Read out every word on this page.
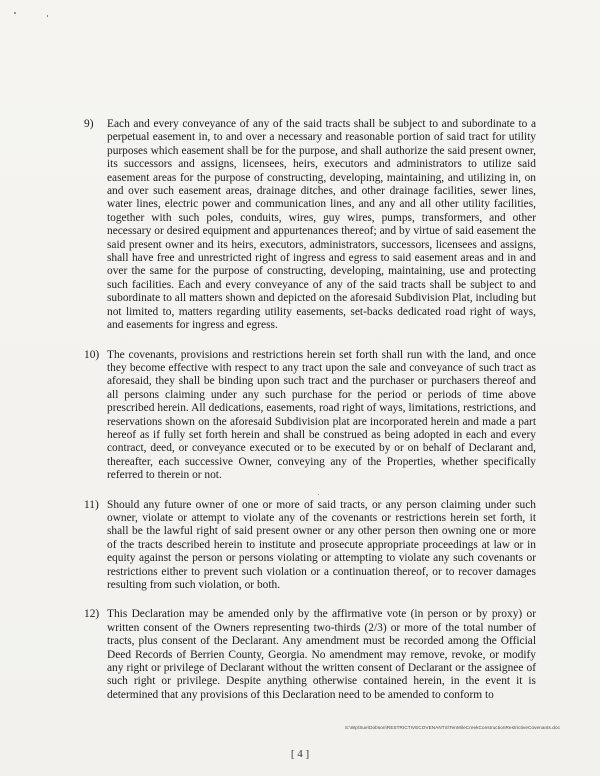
9)	Each and every conveyance of any of the said tracts shall be subject to and subordinate to a perpetual easement in, to and over a necessary and reasonable portion of said tract for utility purposes which easement shall be for the purpose, and shall authorize the said present owner, its successors and assigns, licensees, heirs, executors and administrators to utilize said easement areas for the purpose of constructing, developing, maintaining, and utilizing in, on and over such easement areas, drainage ditches, and other drainage facilities, sewer lines, water lines, electric power and communication lines, and any and all other utility facilities, together with such poles, conduits, wires, guy wires, pumps, transformers, and other necessary or desired equipment and appurtenances thereof; and by virtue of said easement the said present owner and its heirs, executors, administrators, successors, licensees and assigns, shall have free and unrestricted right of ingress and egress to said easement areas and in and over the same for the purpose of constructing, developing, maintaining, use and protecting such facilities. Each and every conveyance of any of the said tracts shall be subject to and subordinate to all matters shown and depicted on the aforesaid Subdivision Plat, including but not limited to, matters regarding utility easements, set-backs dedicated road right of ways, and easements for ingress and egress.
10) The covenants, provisions and restrictions herein set forth shall run with the land, and once they become effective with respect to any tract upon the sale and conveyance of such tract as aforesaid, they shall be binding upon such tract and the purchaser or purchasers thereof and all persons claiming under any such purchase for the period or periods of time above prescribed herein. All dedications, easements, road right of ways, limitations, restrictions, and reservations shown on the aforesaid Subdivision plat are incorporated herein and made a part hereof as if fully set forth herein and shall be construed as being adopted in each and every contract, deed, or conveyance executed or to be executed by or on behalf of Declarant and, thereafter, each successive Owner, conveying any of the Properties, whether specifically referred to therein or not.
11) Should any future owner of one or more of said tracts, or any person claiming under such owner, violate or attempt to violate any of the covenants or restrictions herein set forth, it shall be the lawful right of said present owner or any other person then owning one or more of the tracts described herein to institute and prosecute appropriate proceedings at law or in equity against the person or persons violating or attempting to violate any such covenants or restrictions either to prevent such violation or a continuation thereof, or to recover damages resulting from such violation, or both.
12) This Declaration may be amended only by the affirmative vote (in person or by proxy) or written consent of the Owners representing two-thirds (2/3) or more of the total number of tracts, plus consent of the Declarant. Any amendment must be recorded among the Official Deed Records of Berrien County, Georgia. No amendment may remove, revoke, or modify any right or privilege of Declarant without the written consent of Declarant or the assignee of such right or privilege. Despite anything otherwise contained herein, in the event it is determined that any provisions of this Declaration need to be amended to conform to
S:\Wp\Sue\Dobson\RESTRICTIVECOVENANTS\TenMileCreekConstructionRestrictiveCovenants.doc
[ 4 ]
